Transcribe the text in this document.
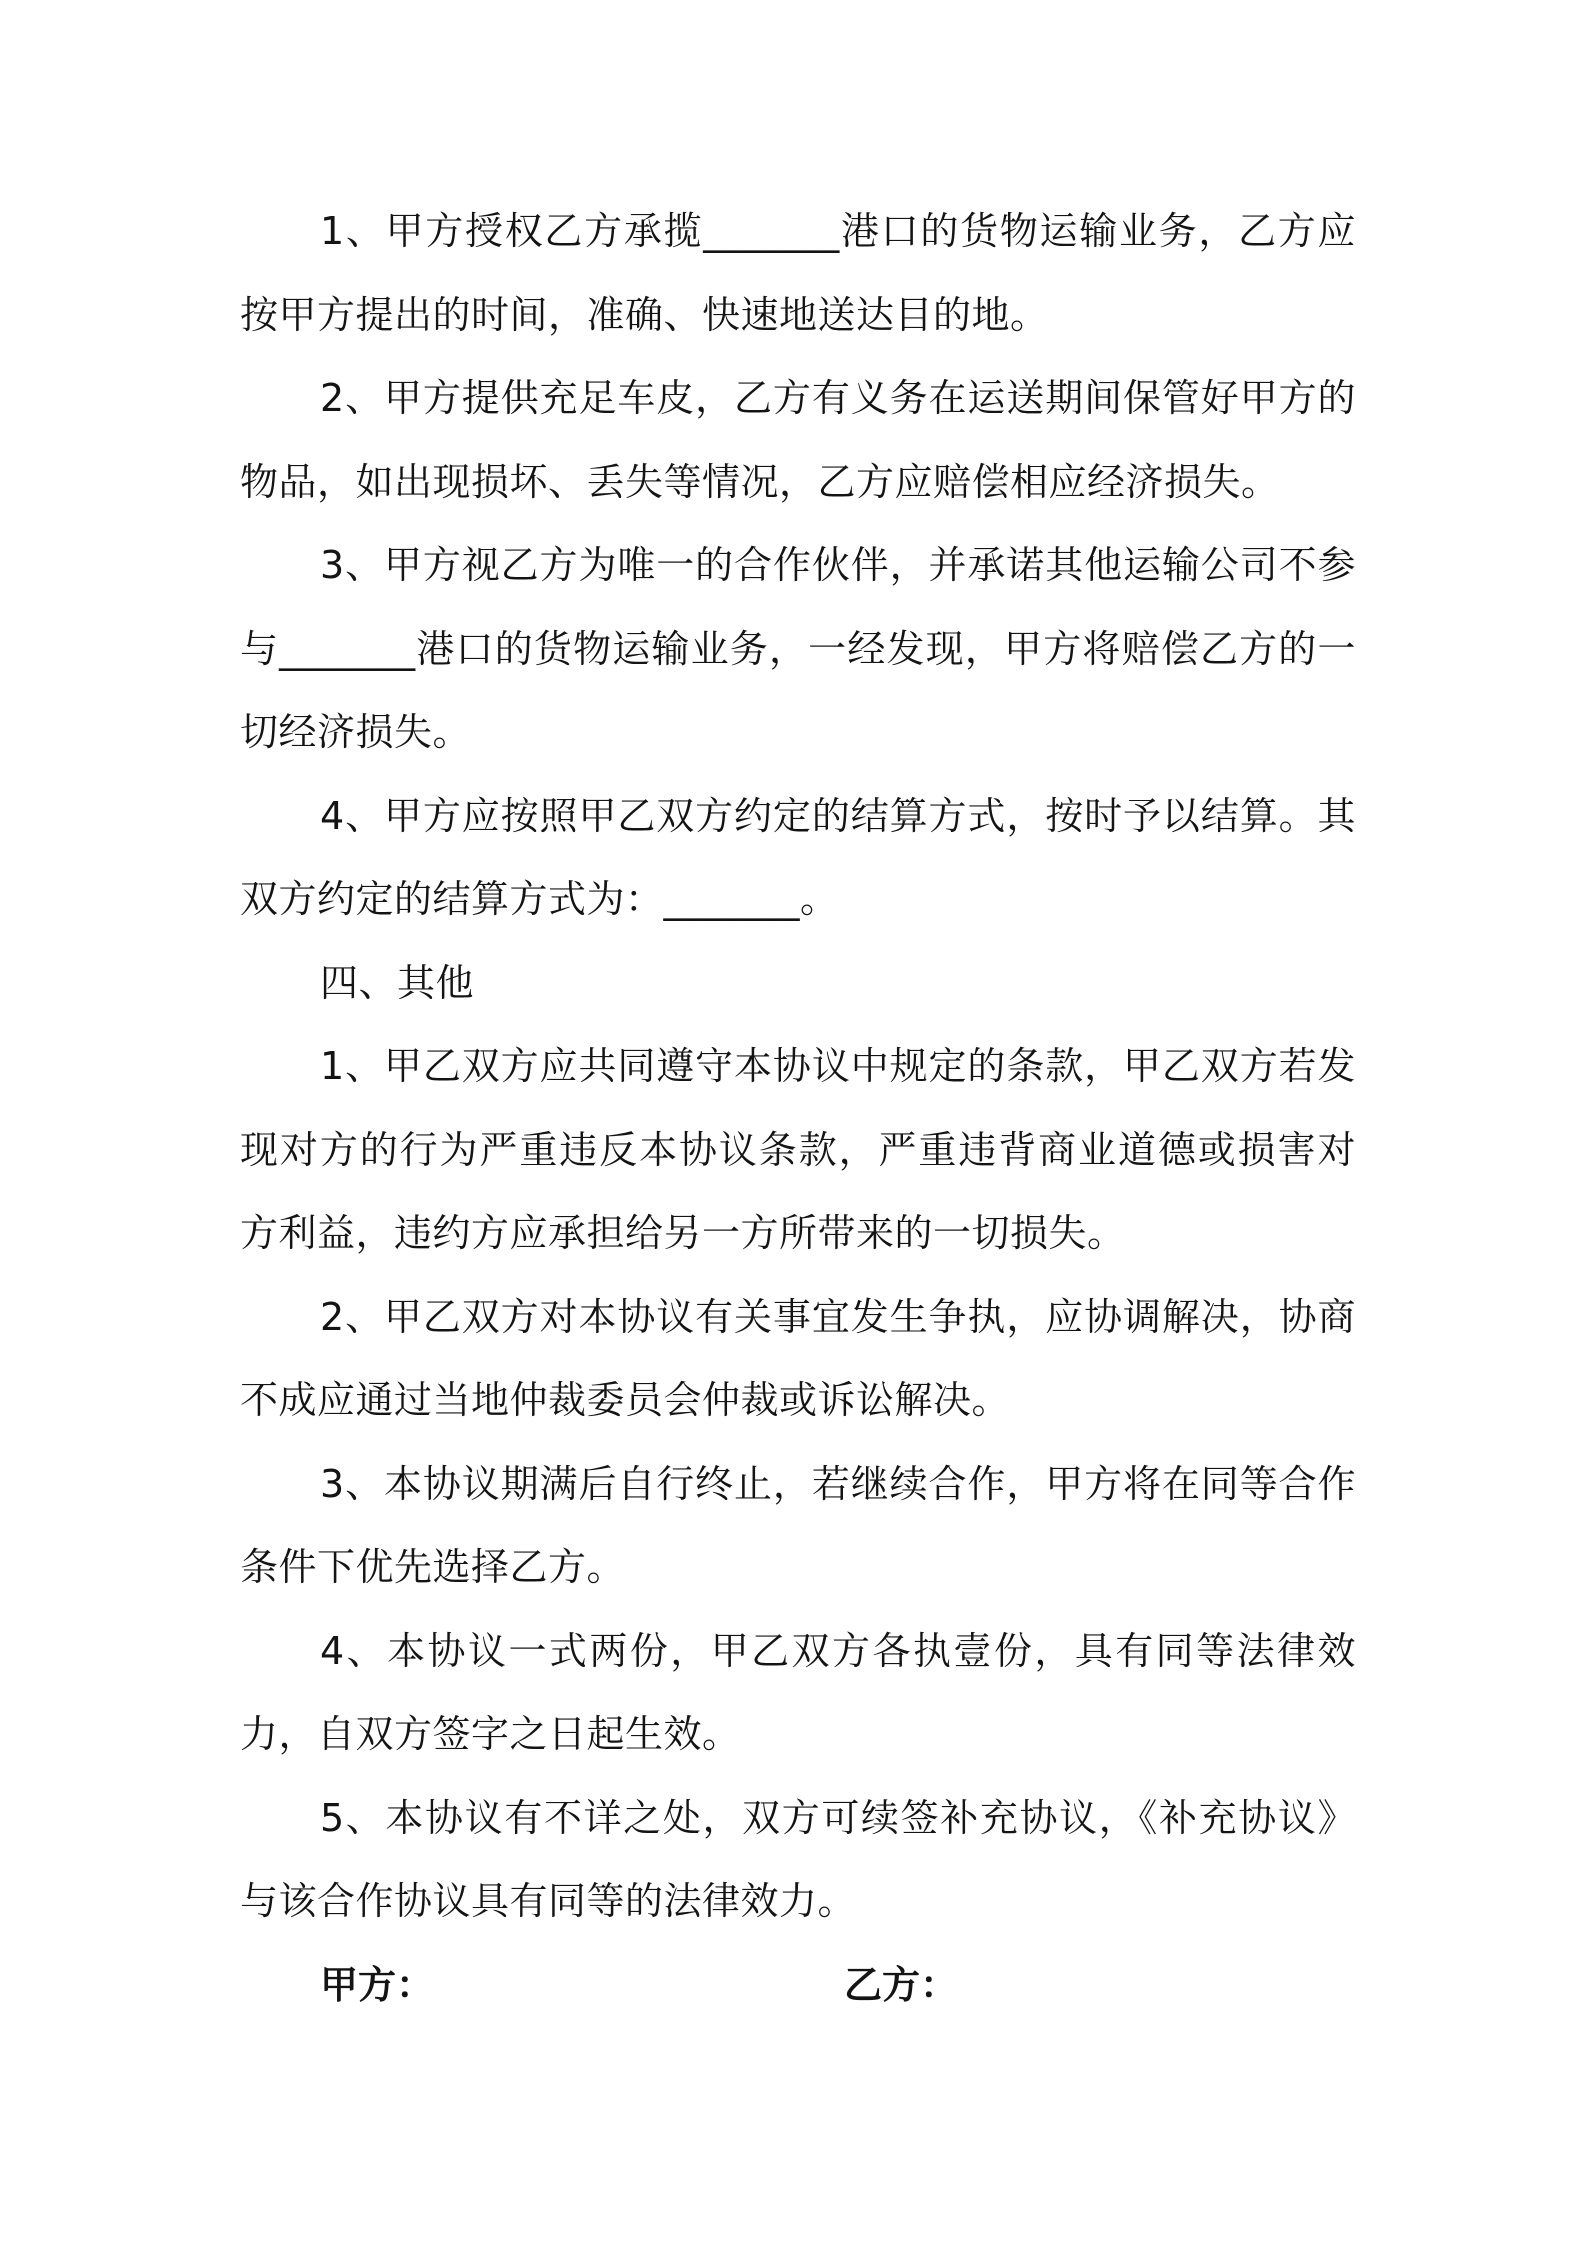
1、甲方授权乙方承揽_______港口的货物运输业务，乙方应按甲方提出的时间，准确、快速地送达目的地。

2、甲方提供充足车皮，乙方有义务在运送期间保管好甲方的物品，如出现损坏、丢失等情况，乙方应赔偿相应经济损失。

3、甲方视乙方为唯一的合作伙伴，并承诺其他运输公司不参与_______港口的货物运输业务，一经发现，甲方将赔偿乙方的一切经济损失。

4、甲方应按照甲乙双方约定的结算方式，按时予以结算。其双方约定的结算方式为：_______。

四、其他

1、甲乙双方应共同遵守本协议中规定的条款，甲乙双方若发现对方的行为严重违反本协议条款，严重违背商业道德或损害对方利益，违约方应承担给另一方所带来的一切损失。

2、甲乙双方对本协议有关事宜发生争执，应协调解决，协商不成应通过当地仲裁委员会仲裁或诉讼解决。

3、本协议期满后自行终止，若继续合作，甲方将在同等合作条件下优先选择乙方。

4、本协议一式两份，甲乙双方各执壹份，具有同等法律效力，自双方签字之日起生效。

5、本协议有不详之处，双方可续签补充协议，《补充协议》与该合作协议具有同等的法律效力。

甲方：	乙方：
